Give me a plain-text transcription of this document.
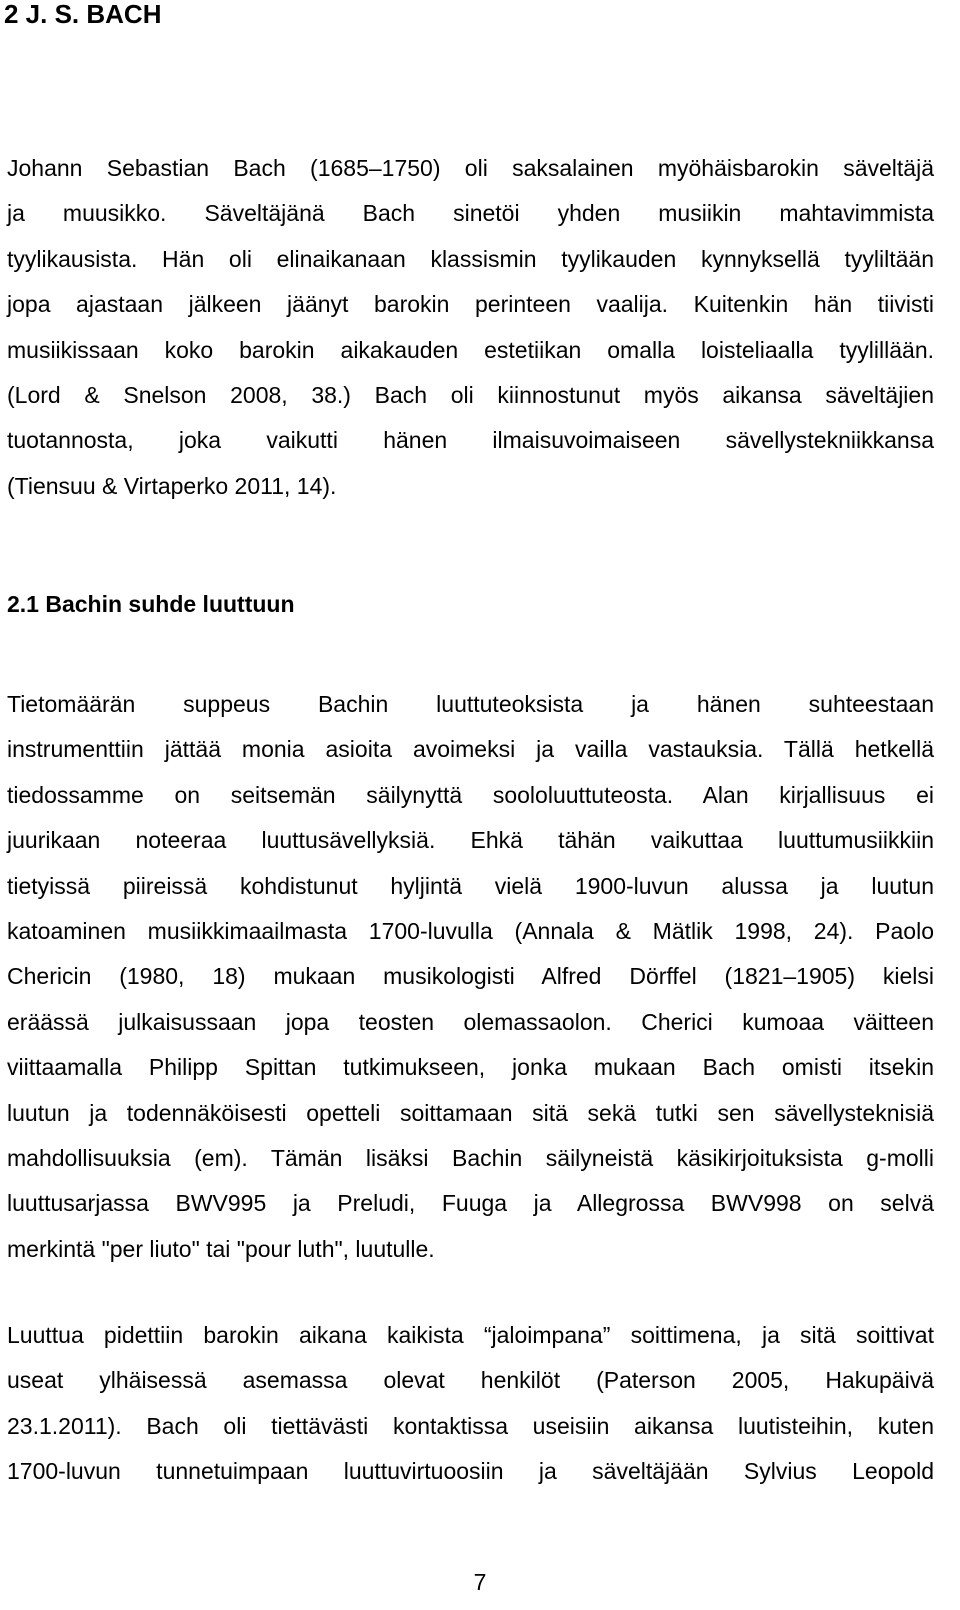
2 J. S. BACH
Johann Sebastian Bach (1685–1750) oli saksalainen myöhäisbarokin säveltäjä
ja muusikko. Säveltäjänä Bach sinetöi yhden musiikin mahtavimmista
tyylikausista. Hän oli elinaikanaan klassismin tyylikauden kynnyksellä tyyliltään
jopa ajastaan jälkeen jäänyt barokin perinteen vaalija. Kuitenkin hän tiivisti
musiikissaan koko barokin aikakauden estetiikan omalla loisteliaalla tyylillään.
(Lord & Snelson 2008, 38.) Bach oli kiinnostunut myös aikansa säveltäjien
tuotannosta, joka vaikutti hänen ilmaisuvoimaiseen sävellystekniikkansa
(Tiensuu & Virtaperko 2011, 14).
2.1 Bachin suhde luuttuun
Tietomäärän suppeus Bachin luuttuteoksista ja hänen suhteestaan
instrumenttiin jättää monia asioita avoimeksi ja vailla vastauksia. Tällä hetkellä
tiedossamme on seitsemän säilynyttä soololuuttuteosta. Alan kirjallisuus ei
juurikaan noteeraa luuttusävellyksiä. Ehkä tähän vaikuttaa luuttumusiikkiin
tietyissä piireissä kohdistunut hyljintä vielä 1900-luvun alussa ja luutun
katoaminen musiikkimaailmasta 1700-luvulla (Annala & Mätlik 1998, 24). Paolo
Chericin (1980, 18) mukaan musikologisti Alfred Dörffel (1821–1905) kielsi
eräässä julkaisussaan jopa teosten olemassaolon. Cherici kumoaa väitteen
viittaamalla Philipp Spittan tutkimukseen, jonka mukaan Bach omisti itsekin
luutun ja todennäköisesti opetteli soittamaan sitä sekä tutki sen sävellysteknisiä
mahdollisuuksia (em). Tämän lisäksi Bachin säilyneistä käsikirjoituksista g-molli
luuttusarjassa BWV995 ja Preludi, Fuuga ja Allegrossa BWV998 on selvä
merkintä "per liuto" tai "pour luth", luutulle.
Luuttua pidettiin barokin aikana kaikista “jaloimpana” soittimena, ja sitä soittivat
useat ylhäisessä asemassa olevat henkilöt (Paterson 2005, Hakupäivä
23.1.2011). Bach oli tiettävästi kontaktissa useisiin aikansa luutisteihin, kuten
1700-luvun tunnetuimpaan luuttuvirtuoosiin ja säveltäjään Sylvius Leopold

7
